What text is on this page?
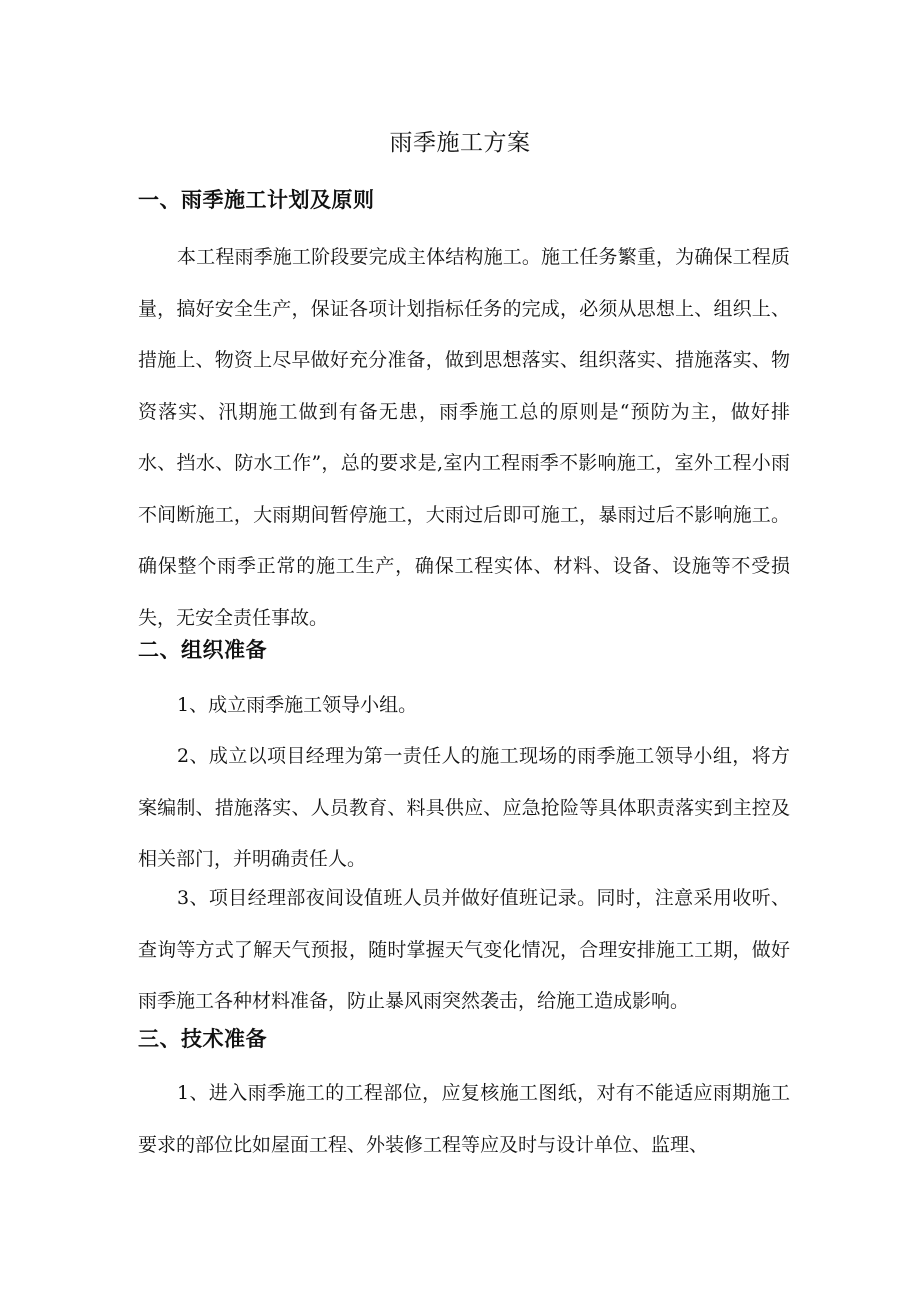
雨季施工方案
一、雨季施工计划及原则
本工程雨季施工阶段要完成主体结构施工。施工任务繁重，为确保工程质量，搞好安全生产，保证各项计划指标任务的完成，必须从思想上、组织上、措施上、物资上尽早做好充分准备，做到思想落实、组织落实、措施落实、物资落实、汛期施工做到有备无患，雨季施工总的原则是“预防为主，做好排水、挡水、防水工作”，总的要求是,室内工程雨季不影响施工，室外工程小雨不间断施工，大雨期间暂停施工，大雨过后即可施工，暴雨过后不影响施工。确保整个雨季正常的施工生产，确保工程实体、材料、设备、设施等不受损失，无安全责任事故。
二、组织准备
1、成立雨季施工领导小组。
2、成立以项目经理为第一责任人的施工现场的雨季施工领导小组，将方案编制、措施落实、人员教育、料具供应、应急抢险等具体职责落实到主控及相关部门，并明确责任人。
3、项目经理部夜间设值班人员并做好值班记录。同时，注意采用收听、查询等方式了解天气预报，随时掌握天气变化情况，合理安排施工工期，做好雨季施工各种材料准备，防止暴风雨突然袭击，给施工造成影响。
三、技术准备
1、进入雨季施工的工程部位，应复核施工图纸，对有不能适应雨期施工要求的部位比如屋面工程、外装修工程等应及时与设计单位、监理、
